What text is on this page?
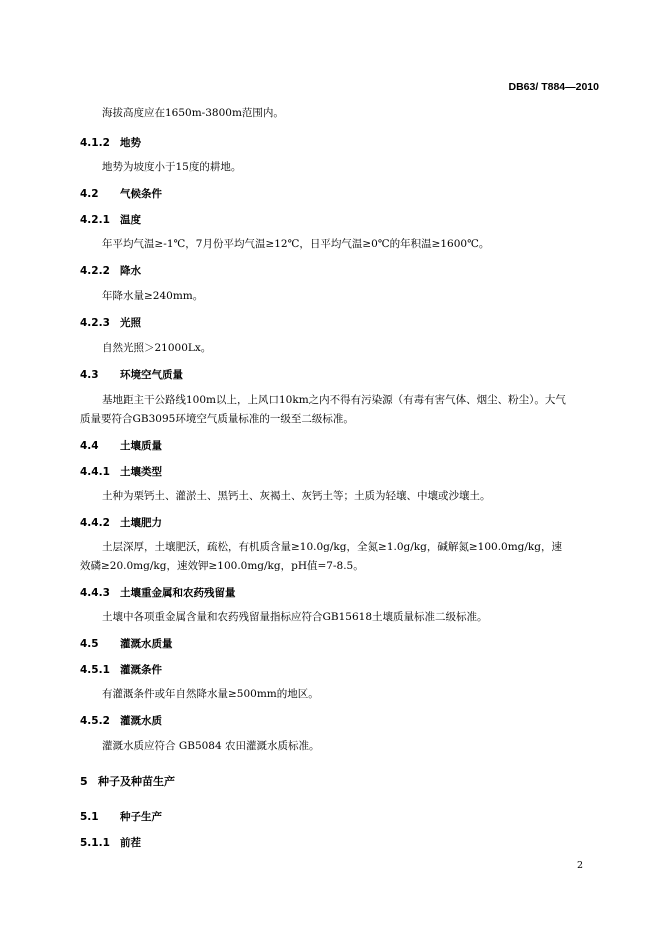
DB63/ T884—2010
海拔高度应在1650m-3800m范围内。
4.1.2 地势
地势为坡度小于15度的耕地。
4.2 气候条件
4.2.1 温度
年平均气温≥-1℃，7月份平均气温≥12℃，日平均气温≥0℃的年积温≥1600℃。
4.2.2 降水
年降水量≥240mm。
4.2.3 光照
自然光照＞21000Lx。
4.3 环境空气质量
基地距主干公路线100m以上，上风口10km之内不得有污染源（有毒有害气体、烟尘、粉尘）。大气
质量要符合GB3095环境空气质量标准的一级至二级标准。
4.4 土壤质量
4.4.1 土壤类型
土种为栗钙土、灌淤土、黑钙土、灰褐土、灰钙土等；土质为轻壤、中壤或沙壤土。
4.4.2 土壤肥力
土层深厚，土壤肥沃，疏松，有机质含量≥10.0g/kg，全氮≥1.0g/kg，碱解氮≥100.0mg/kg，速
效磷≥20.0mg/kg，速效钾≥100.0mg/kg，pH值=7-8.5。
4.4.3 土壤重金属和农药残留量
土壤中各项重金属含量和农药残留量指标应符合GB15618土壤质量标准二级标准。
4.5 灌溉水质量
4.5.1 灌溉条件
有灌溉条件或年自然降水量≥500mm的地区。
4.5.2 灌溉水质
灌溉水质应符合 GB5084 农田灌溉水质标准。
5 种子及种苗生产
5.1 种子生产
5.1.1 前茬
2
